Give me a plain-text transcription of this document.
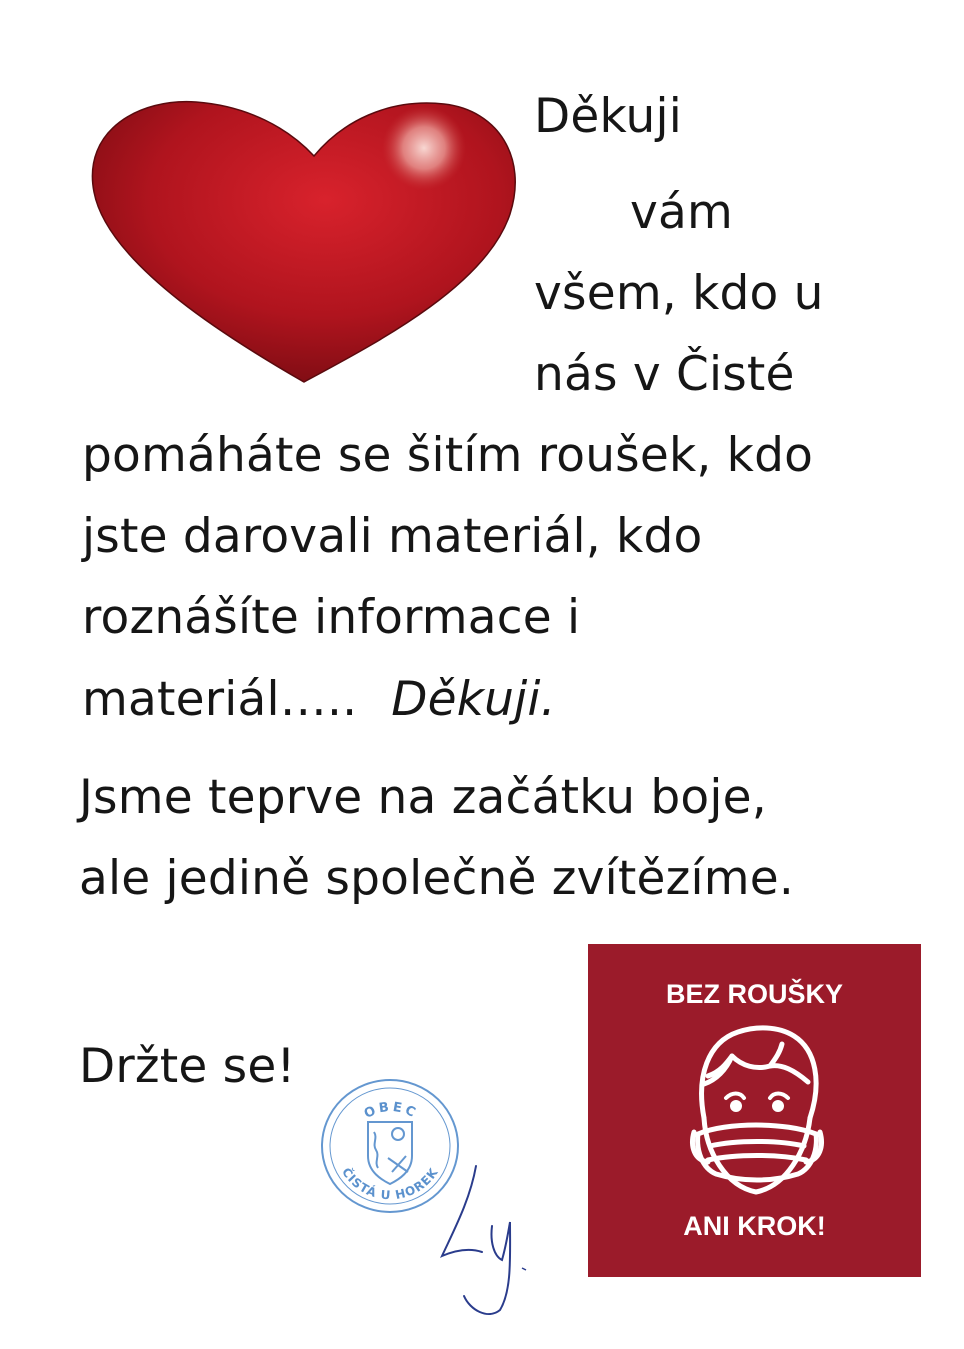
Děkuji

vám

všem, kdo u

nás v Čisté

pomáháte se šitím roušek, kdo

jste darovali materiál, kdo

roznášíte informace i

materiál….. Děkuji.

Jsme teprve na začátku boje,

ale jedině společně zvítězíme.

Držte se!

OBEC
ČISTÁ U HOREK

BEZ ROUŠKY

ANI KROK!
